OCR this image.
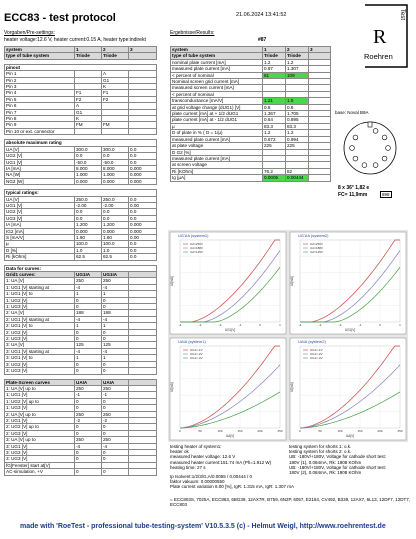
ECC83 - test protocol	21.06.2024 13:41:52
R
Roehren
Test
Vorgaben/Pre-settings:
heater voltage:12.6 V, heater current:0.15 A, heater type:indirekt
system	1	2	3
type of tube system	Triode	Triode	
pinout			
Pin 1		A	
Pin 2		G1	
Pin 3		K	
Pin 4	F1	F1	
Pin 5	F2	F2	
Pin 6	A		
Pin 7	G1		
Pin 8	K		
Pin 9	FM	FM	
Pin 10 or ext. connector			
absolute maximum rating			
UA [V]	300.0	300.0	0.0
UG2 [V]	0.0	0.0	0.0
UG1 [V]	-50.0	-50.0	0.0
IA [mA]	8.000	8.000	0.000
NA [W]	1.000	1.000	0.000
NG2 [W]	0.000	0.000	0.000
typical ratings:			
UA [V]	250.0	250.0	0.0
UG1 [V]	-2.00	-2.00	0.00
UG2 [V]	0.0	0.0	0.0
UG3 [V]	0.0	0.0	0.0
IA [mA]	1.200	1.200	0.000
IG2 [mA]	0.000	0.000	0.000
S [mA/V]	1.60	1.60	0.00
µ	100.0	100.0	0.0
D [%]	1.0	1.0	0.0
Ri [kOhm]	62.5	62.5	0.0
Data for curves:			
Grid1 curves:	UG1IA	UG1IA	
1: UA [V]	250	250	
1: UG1 [V] starting at	-4	-4	
1: UG1 [V] to	1	1	
1: UG2 [V]	0	0	
1: UG3 [V]	0	0	
2: UA [V]	188	188	
2: UG1 [V] starting at	-4	-4	
2: UG1 [V] to	1	1	
2: UG2 [V]	0	0	
2: UG3 [V]	0	0	
3: UA [V]	125	125	
3: UG1 [V] starting at	-4	-4	
3: UG1 [V] to	1	1	
3: UG2 [V]	0	0	
3: UG3 [V]	0	0	
Plate-Screen curves	UAIA	UAIA	
1: UA [V] up to	250	250	
1: UG1 [V]	-1	-1	
1: UG2 [V] up to	0	0	
1: UG3 [V]	0	0	
2: UA [V] up to	250	250	
2: UG1 [V]	-2	-2	
2: UG2 [V] up to	0	0	
2: UG3 [V]	0	0	
3: UA [V] up to	250	250	
3: UG1 [V]	-4	-4	
3: UG2 [V]	0	0	
3: UG3 [V]	0	0	
fG[Fenster] start at[V]			
AC-simulation, +V	0	0	
Ergebnisse/Results:
#87
system	1	2	3
type of tube system	Triode	Triode	
nominal plate current [mA]	1.2	1.2	
measured plate current [mA]	0.97	1.307	
< percent of nominal	81	109	
Nominal screen grid current [mA]			
measured screen current [mA]			
< percent of nominal			
transconductance [mA/V]	1.21	1.5	
at grid voltage change (dUG1) [V]	0.8	0.8	
plate current [mA] at + 1/2 dUG1	1.367	1.705	
plate current [mA] at - 1/2 dUG1	0.64	0.895	
µ	83.3	83.3	
D of plate in % ( D = 1/µ)	1.2	1.2	
measured plate current [mA]	0.672	0.994	
at plate voltage	225	225	
D G2 [%]			
measured plate current [mA]			
at screen voltage			
Ri [KOhm]	76.2	82	
Ig [µA]	0.0005	0.00444	
base: Noval B9A
8 x 36° 1,82 e
FC= 11,9mm	898
UG1IA (system1)
-4	-3	-2	-1	0	1
UG1[V]
IA[mA]
UA=250V
UA=188V
UA=125V
UG1IA (system2)
-4	-3	-2	-1	0	1
UG1[V]
IA[mA]
UA=250V
UA=188V
UA=125V
UAIA (system1)
0	50	100	150	200	250
UA[V]
IA[mA]
UG1=-1V
UG1=-2V
UG1=-4V
UAIA (system2)
0	50	100	150	200	250
UA[V]
IA[mA]
UG1=-1V
UG1=-2V
UG1=-4V
testing heater of system1:
heater ok
measured heater voltage: 12.6 V
measured heater current:151.74 mA (Ph=1.912 W)
heating time: 27 s
testing system for shorts 1: o.k.
testing system for shorts 2: o.k.
UB: -180V/+180V, Voltage for cathode short test:
180V (1), 0.084mA, Rk: 1908 KOhm
UB: -180V/+180V, Voltage for cathode short test:
180V (2), 0.084mA, Rk: 1908 KOhm
Ip Isolvent:1/2/3/G,A/0.0055 / 0.00444 / 0
faktor vakuum: 0.00000550
Plate current variation 6.00 [%], IgR: 1.315 mA, IgR: 1.307 mA
= ECC803S, 7025A, ECC863, 6BG39, 12AX7R, B759, 6N2P, 6057, E2164, CV492, B339, 12AX7, 6L13, 12DF7, 12DT7, ECC803
made with 'RoeTest - professional tube-testing-system' V10.5.3.5 (c) - Helmut Weigl, http://www.roehrentest.de
